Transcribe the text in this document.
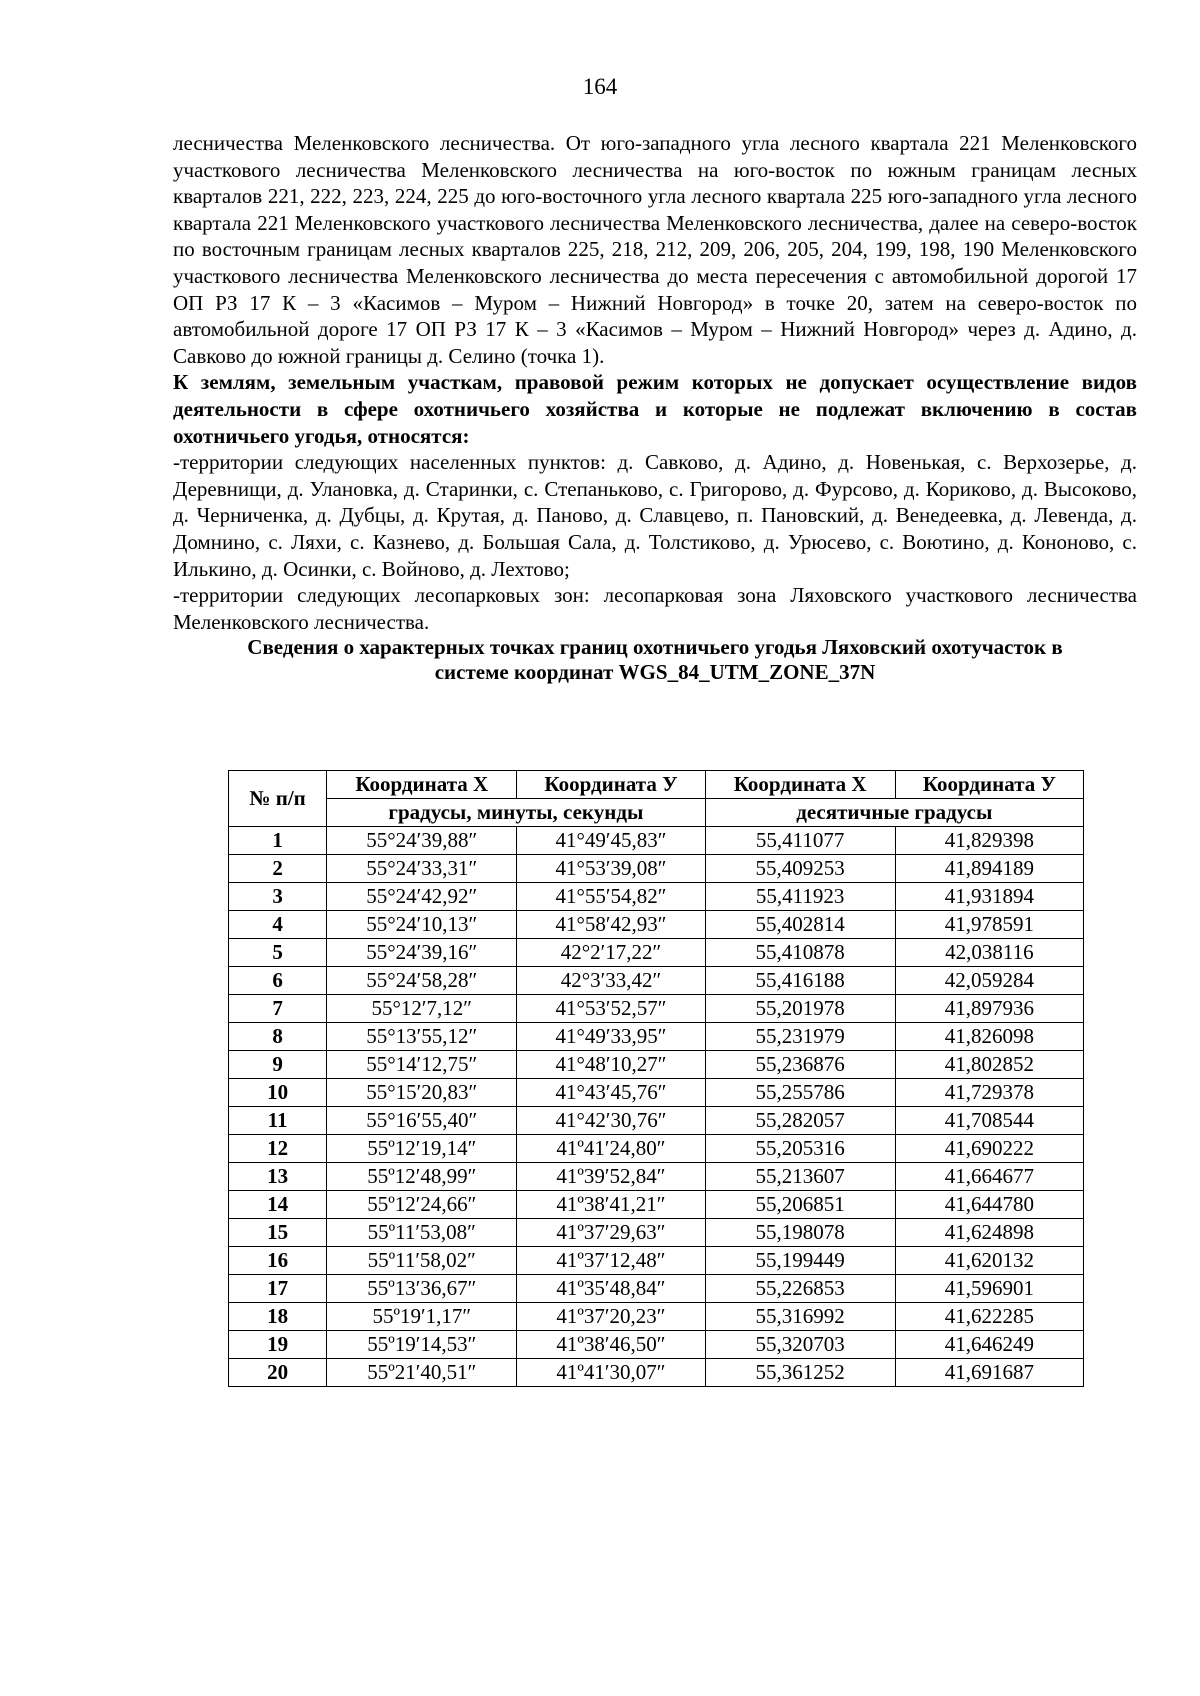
164

лесничества Меленковского лесничества. От юго-западного угла лесного квартала 221 Меленковского участкового лесничества Меленковского лесничества на юго-восток по южным границам лесных кварталов 221, 222, 223, 224, 225 до юго-восточного угла лесного квартала 225 юго-западного угла лесного квартала 221 Меленковского участкового лесничества Меленковского лесничества, далее на северо-восток по восточным границам лесных кварталов 225, 218, 212, 209, 206, 205, 204, 199, 198, 190 Меленковского участкового лесничества Меленковского лесничества до места пересечения с автомобильной дорогой 17 ОП РЗ 17 К – 3 «Касимов – Муром – Нижний Новгород» в точке 20, затем на северо-восток по автомобильной дороге 17 ОП РЗ 17 К – 3 «Касимов – Муром – Нижний Новгород» через д. Адино, д. Савково до южной границы д. Селино (точка 1).

К землям, земельным участкам, правовой режим которых не допускает осуществление видов деятельности в сфере охотничьего хозяйства и которые не подлежат включению в состав охотничьего угодья, относятся:

-территории следующих населенных пунктов: д. Савково, д. Адино, д. Новенькая, с. Верхозерье, д. Деревнищи, д. Улановка, д. Старинки, с. Степаньково, с. Григорово, д. Фурсово, д. Кориково, д. Высоково, д. Черниченка, д. Дубцы, д. Крутая, д. Паново, д. Славцево, п. Пановский, д. Венедеевка, д. Левенда, д. Домнино, с. Ляхи, с. Казнево, д. Большая Сала, д. Толстиково, д. Урюсево, с. Воютино, д. Кононово, с. Илькино, д. Осинки, с. Войново, д. Лехтово;

-территории следующих лесопарковых зон: лесопарковая зона Ляховского участкового лесничества Меленковского лесничества.

Сведения о характерных точках границ охотничьего угодья Ляховский охотучасток в

системе координат WGS_84_UTM_ZONE_37N

№ п/п	Координата Х	Координата У	Координата Х	Координата У
	градусы, минуты, секунды		десятичные градусы	
1	55°24′39,88″	41°49′45,83″	55,411077	41,829398
2	55°24′33,31″	41°53′39,08″	55,409253	41,894189
3	55°24′42,92″	41°55′54,82″	55,411923	41,931894
4	55°24′10,13″	41°58′42,93″	55,402814	41,978591
5	55°24′39,16″	42°2′17,22″	55,410878	42,038116
6	55°24′58,28″	42°3′33,42″	55,416188	42,059284
7	55°12′7,12″	41°53′52,57″	55,201978	41,897936
8	55°13′55,12″	41°49′33,95″	55,231979	41,826098
9	55°14′12,75″	41°48′10,27″	55,236876	41,802852
10	55°15′20,83″	41°43′45,76″	55,255786	41,729378
11	55°16′55,40″	41°42′30,76″	55,282057	41,708544
12	55º12′19,14″	41º41′24,80″	55,205316	41,690222
13	55º12′48,99″	41º39′52,84″	55,213607	41,664677
14	55º12′24,66″	41º38′41,21″	55,206851	41,644780
15	55º11′53,08″	41º37′29,63″	55,198078	41,624898
16	55º11′58,02″	41º37′12,48″	55,199449	41,620132
17	55º13′36,67″	41º35′48,84″	55,226853	41,596901
18	55º19′1,17″	41º37′20,23″	55,316992	41,622285
19	55º19′14,53″	41º38′46,50″	55,320703	41,646249
20	55º21′40,51″	41º41′30,07″	55,361252	41,691687
